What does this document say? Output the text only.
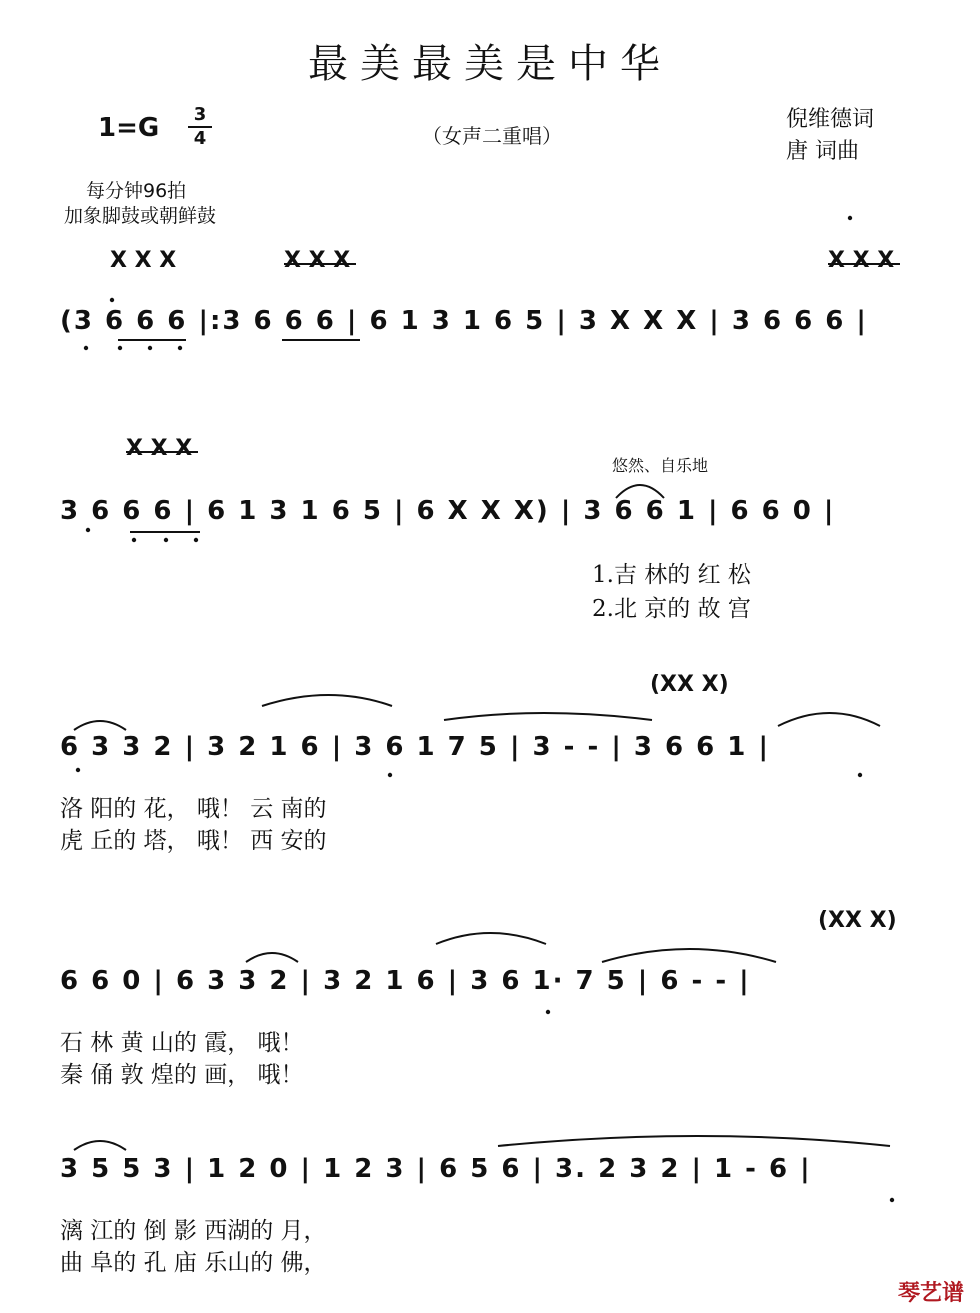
最美最美是中华
1=G	3
4	（女声二重唱）
倪维德词
唐 词曲
每分钟96拍
加象脚鼓或朝鲜鼓
X X X	X X X	X X X
(3 6 6 6 |:3 6 6 6 | 6 1 3 1 6 5 | 3 X X X | 3 6 6 6 |
X X X
悠然、自乐地
3 6 6 6 | 6 1 3 1 6 5 | 6 X X X) | 3 6 6 1 | 6 6 0 |
1.吉 林的 红 松
2.北 京的 故 宫
(XX X)
6 3 3 2 | 3 2 1 6 | 3 6 1 7 5 | 3 - - | 3 6 6 1 |
洛 阳的 花， 哦！ 云 南的
虎 丘的 塔， 哦！ 西 安的
(XX X)
6 6 0 | 6 3 3 2 | 3 2 1 6 | 3 6 1· 7 5 | 6 - - |
石 林 黄 山的 霞， 哦！
秦 俑 敦 煌的 画， 哦！
3 5 5 3 | 1 2 0 | 1 2 3 | 6 5 6 | 3. 2 3 2 | 1 - 6 |
漓 江的 倒 影 西湖的 月，
曲 阜的 孔 庙 乐山的 佛，
琴艺谱
